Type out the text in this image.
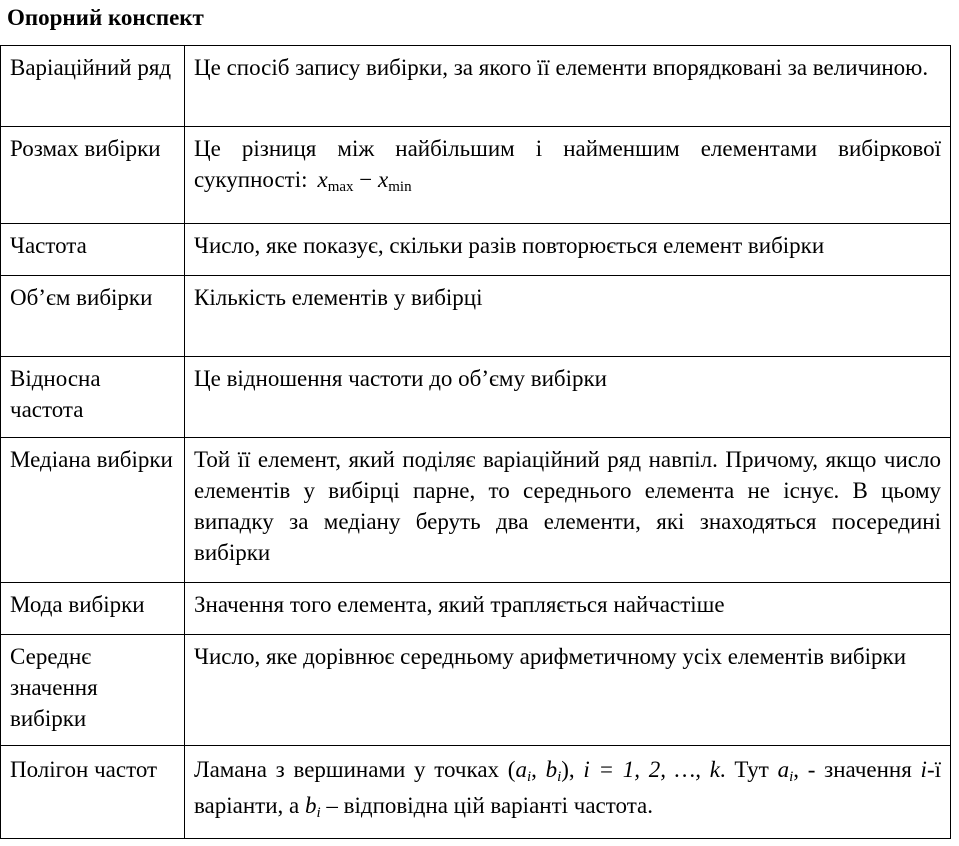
Опорний конспект

Варіаційний ряд	Це спосіб запису вибірки, за якого її елементи впорядковані за величиною.
Розмах вибірки	Це різниця між найбільшим і найменшим елементами вибіркової сукупності: $x_{max} - x_{min}$
Частота	Число, яке показує, скільки разів повторюється елемент вибірки
Об’єм вибірки	Кількість елементів у вибірці
Відносна частота	Це відношення частоти до об’єму вибірки
Медіана вибірки	Той її елемент, який поділяє варіаційний ряд навпіл. Причому, якщо число елементів у вибірці парне, то середнього елемента не існує. В цьому випадку за медіану беруть два елементи, які знаходяться посередині вибірки
Мода вибірки	Значення того елемента, який трапляється найчастіше
Середнє значення вибірки	Число, яке дорівнює середньому арифметичному усіх елементів вибірки
Полігон частот	Ламана з вершинами у точках ($a_i$, $b_i$), i = 1, 2, …, k. Тут $a_i$, - значення i-ї варіанти, а $b_i$ – відповідна цій варіанті частота.
